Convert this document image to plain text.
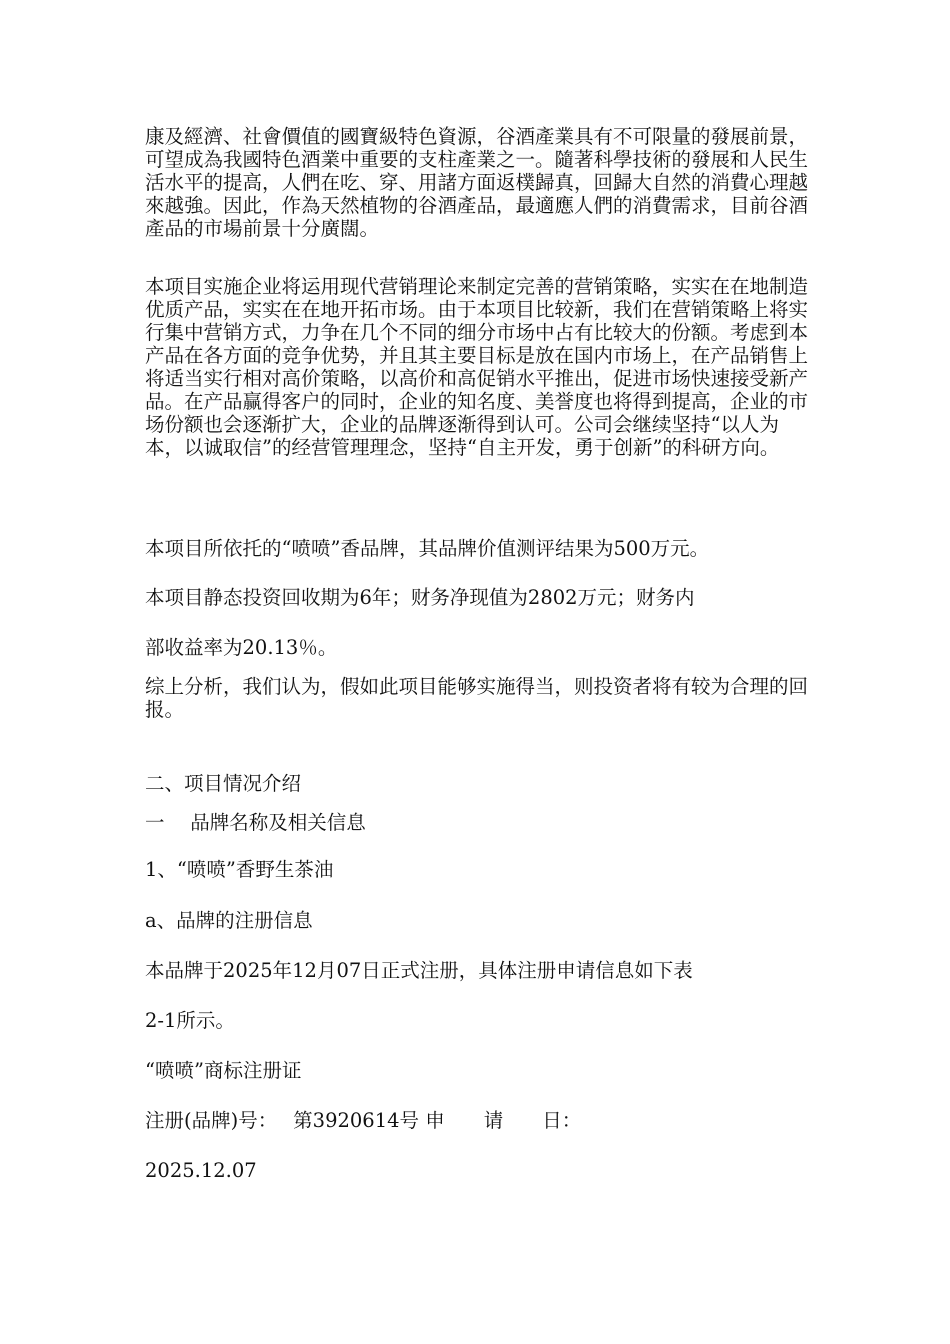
康及經濟、社會價值的國寶級特色資源，谷酒產業具有不可限量的發展前景，可望成為我國特色酒業中重要的支柱產業之一。隨著科學技術的發展和人民生活水平的提高，人們在吃、穿、用諸方面返樸歸真，回歸大自然的消費心理越來越強。因此，作為天然植物的谷酒產品，最適應人們的消費需求，目前谷酒產品的市場前景十分廣闊。

本项目实施企业将运用现代营销理论来制定完善的营销策略，实实在在地制造优质产品，实实在在地开拓市场。由于本项目比较新，我们在营销策略上将实行集中营销方式，力争在几个不同的细分市场中占有比较大的份额。考虑到本产品在各方面的竞争优势，并且其主要目标是放在国内市场上，在产品销售上将适当实行相对高价策略，以高价和高促销水平推出，促进市场快速接受新产品。在产品赢得客户的同时，企业的知名度、美誉度也将得到提高，企业的市场份额也会逐渐扩大，企业的品牌逐渐得到认可。公司会继续坚持“以人为本，以诚取信”的经营管理理念，坚持“自主开发，勇于创新”的科研方向。

本项目所依托的“喷喷”香品牌，其品牌价值测评结果为500万元。

本项目静态投资回收期为6年；财务净现值为2802万元；财务内

部收益率为20.13％。

综上分析，我们认为，假如此项目能够实施得当，则投资者将有较为合理的回报。

二、项目情况介绍

一　 品牌名称及相关信息

1、“喷喷”香野生茶油

a、品牌的注册信息

本品牌于2025年12月07日正式注册，具体注册申请信息如下表

2-1所示。

“喷喷”商标注册证

注册(品牌)号：　 第3920614号 申　　请　　日：

2025.12.07
